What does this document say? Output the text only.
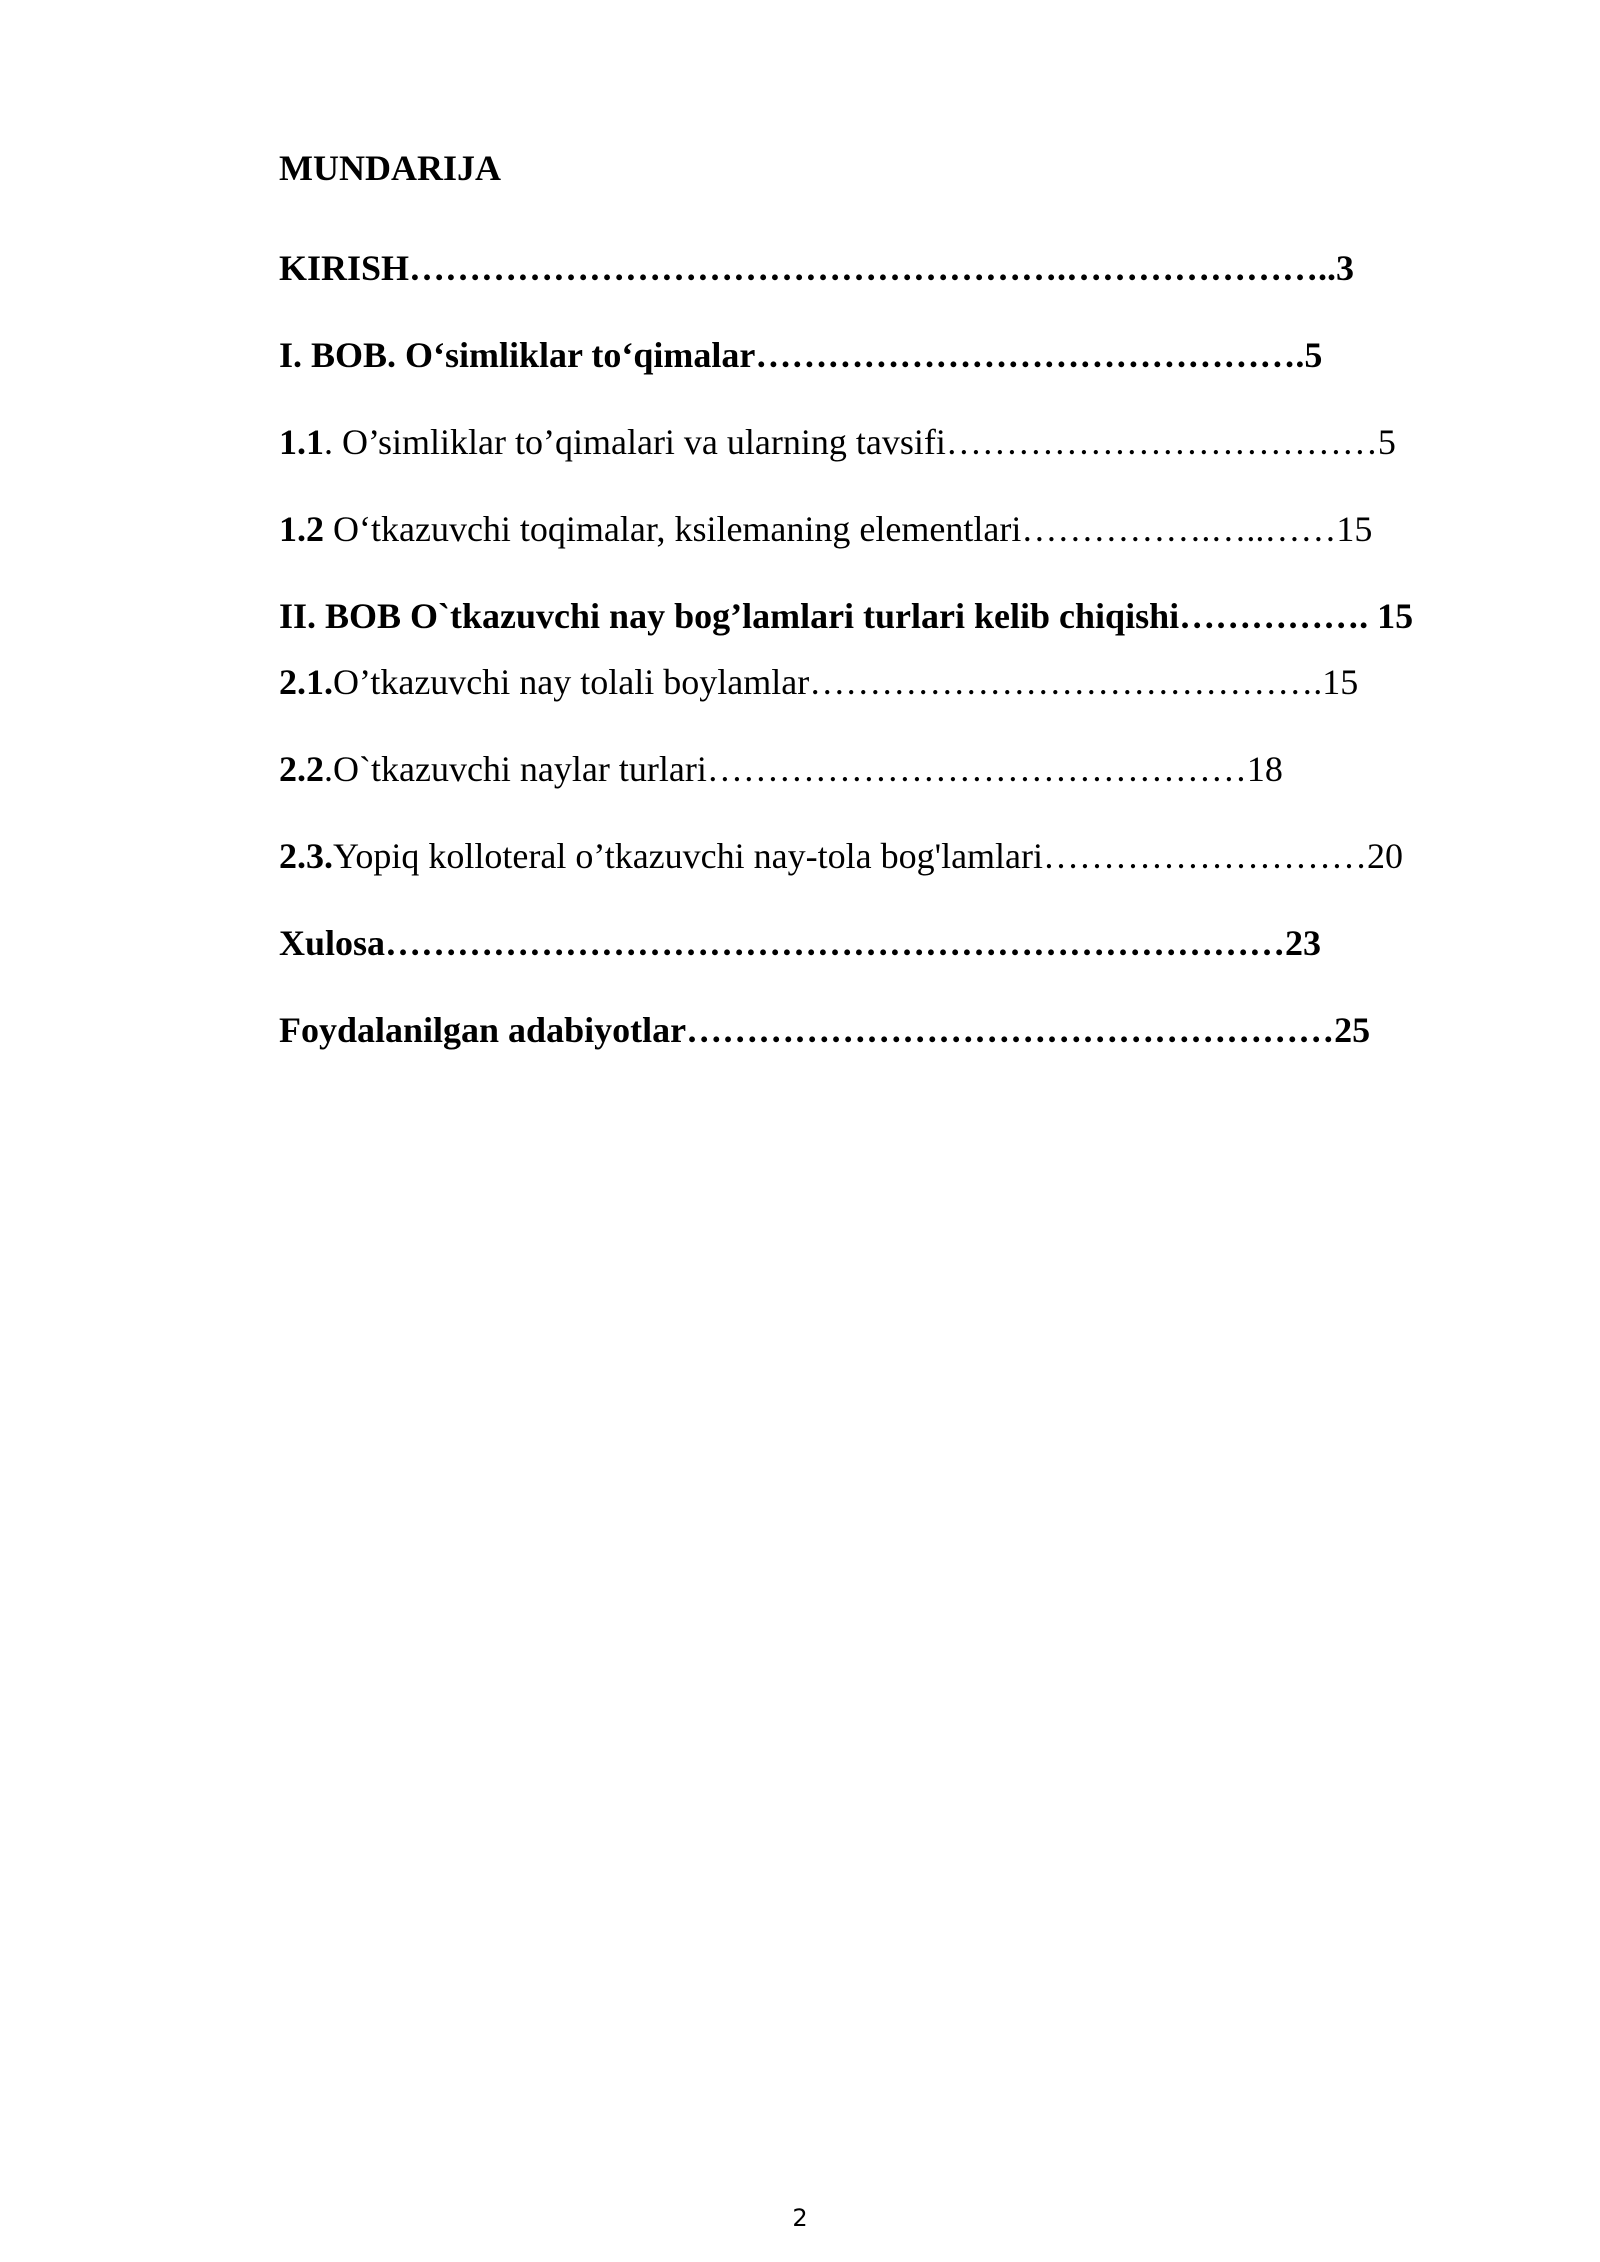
MUNDARIJA
KIRISH……………………………………………….…………………..3
I. BOB. O‘simliklar to‘qimalar……………………………………….5
1.1. O’simliklar to’qimalari va ularning tavsifi………………………………5
1.2 O‘tkazuvchi toqimalar, ksilemaning elementlari…………….…..……15
II. BOB O`tkazuvchi nay bog’lamlari turlari kelib chiqishi……………. 15
2.1.O’tkazuvchi nay tolali boylamlar…………………………………….15
2.2.O`tkazuvchi naylar turlari………………………………………18
2.3.Yopiq kolloteral o’tkazuvchi nay-tola bog'lamlari………………………20
Xulosa…………………………………………………………………23
Foydalanilgan adabiyotlar………………………………………………25
2
